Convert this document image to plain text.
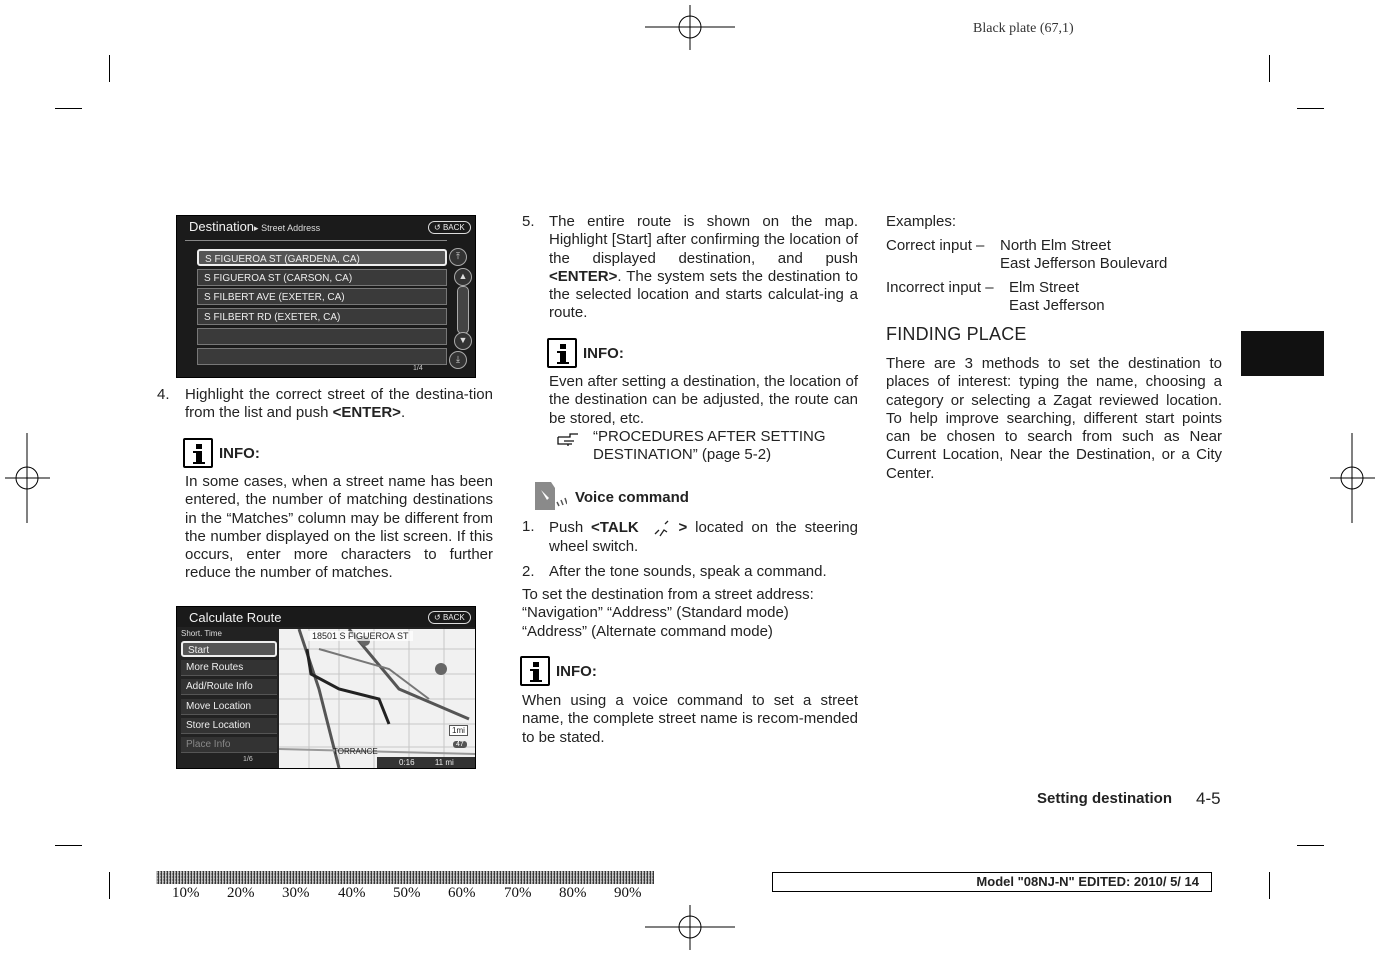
Black plate (67,1)
Destination▸ Street Address	↺ BACK
S FIGUEROA ST (GARDENA, CA)
S FIGUEROA ST (CARSON, CA)
S FILBERT AVE (EXETER, CA)
S FILBERT RD (EXETER, CA)
⤒
▲
▼
⤓
1/4
4. Highlight the correct street of the destina-tion from the list and push <ENTER>.
INFO:
In some cases, when a street name has been entered, the number of matching destinations in the “Matches” column may be different from the number displayed on the list screen. If this occurs, enter more characters to further reduce the number of matches.
Calculate Route	↺ BACK
18501 S FIGUEROA ST
TORRANCE
1mi
47
0:16	11 mi
Short. Time
Start
More Routes
Add/Route Info
Move Location
Store Location
Place Info
1/6
5. The entire route is shown on the map. Highlight [Start] after confirming the location of the displayed destination, and push <ENTER>. The system sets the destination to the selected location and starts calculat-ing a route.
INFO:
Even after setting a destination, the location of the destination can be adjusted, the route can be stored, etc.
“PROCEDURES AFTER SETTING DESTINATION” (page 5-2)
Voice command
1. Push <TALK	> located on the steering wheel switch.
2. After the tone sounds, speak a command.
To set the destination from a street address:
“Navigation” “Address” (Standard mode)
“Address” (Alternate command mode)
INFO:
When using a voice command to set a street name, the complete street name is recom-mended to be stated.
Examples:
Correct input – North Elm Street
East Jefferson Boulevard
Incorrect input – Elm Street
East Jefferson
FINDING PLACE
There are 3 methods to set the destination to places of interest: typing the name, choosing a category or selecting a Zagat reviewed location. To help improve searching, different start points can be chosen to search from such as Near Current Location, Near the Destination, or a City Center.
Setting destination 4-5
10% 20% 30% 40% 50% 60% 70% 80% 90%
Model "08NJ-N" EDITED: 2010/ 5/ 14
